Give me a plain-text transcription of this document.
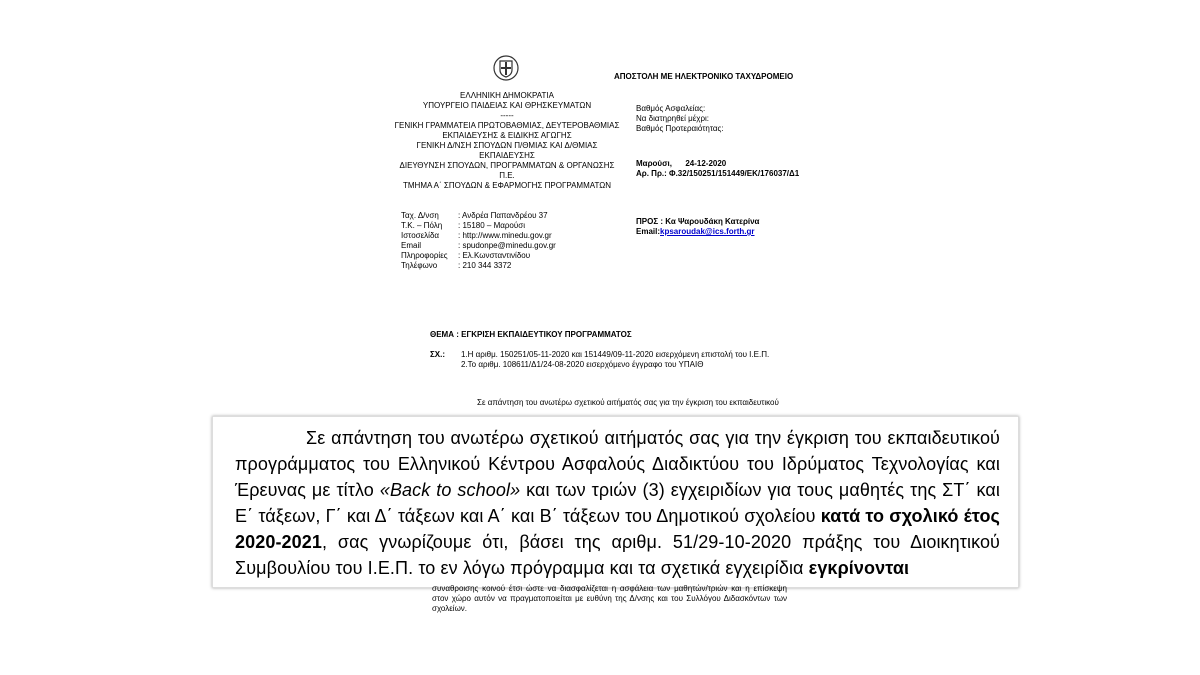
ΑΠΟΣΤΟΛΗ ΜΕ ΗΛΕΚΤΡΟΝΙΚΟ ΤΑΧΥΔΡΟΜΕΙΟ
ΕΛΛΗΝΙΚΗ ΔΗΜΟΚΡΑΤΙΑ
ΥΠΟΥΡΓΕΙΟ ΠΑΙΔΕΙΑΣ ΚΑΙ ΘΡΗΣΚΕΥΜΑΤΩΝ
-----
ΓΕΝΙΚΗ ΓΡΑΜΜΑΤΕΙΑ ΠΡΩΤΟΒΑΘΜΙΑΣ, ΔΕΥΤΕΡΟΒΑΘΜΙΑΣ
ΕΚΠΑΙΔΕΥΣΗΣ & ΕΙΔΙΚΗΣ ΑΓΩΓΗΣ
ΓΕΝΙΚΗ Δ/ΝΣΗ ΣΠΟΥΔΩΝ Π/ΘΜΙΑΣ ΚΑΙ Δ/ΘΜΙΑΣ
ΕΚΠΑΙΔΕΥΣΗΣ
ΔΙΕΥΘΥΝΣΗ ΣΠΟΥΔΩΝ, ΠΡΟΓΡΑΜΜΑΤΩΝ & ΟΡΓΑΝΩΣΗΣ
Π.Ε.
ΤΜΗΜΑ Α΄ ΣΠΟΥΔΩΝ & ΕΦΑΡΜΟΓΗΣ ΠΡΟΓΡΑΜΜΑΤΩΝ
Βαθμός Ασφαλείας:
Να διατηρηθεί μέχρι:
Βαθμός Προτεραιότητας:
Μαρούσι,      24-12-2020
Αρ. Πρ.: Φ.32/150251/151449/ΕΚ/176037/Δ1
ΠΡΟΣ : Κα Ψαρουδάκη Κατερίνα
Email:kpsaroudak@ics.forth.gr
Ταχ. Δ/νση	: Ανδρέα Παπανδρέου 37
Τ.Κ. – Πόλη	: 15180 – Μαρούσι
Ιστοσελίδα	: http://www.minedu.gov.gr
Email	: spudonpe@minedu.gov.gr
Πληροφορίες	: Ελ.Κωνσταντινίδου
Τηλέφωνο	: 210 344 3372
ΘΕΜΑ : ΕΓΚΡΙΣΗ ΕΚΠΑΙΔΕΥΤΙΚΟΥ ΠΡΟΓΡΑΜΜΑΤΟΣ
ΣΧ.: 1.Η αριθμ. 150251/05-11-2020 και 151449/09-11-2020 εισερχόμενη επιστολή του Ι.Ε.Π.
2.Το αριθμ. 108611/Δ1/24-08-2020 εισερχόμενο έγγραφο του ΥΠΑΙΘ
Σε απάντηση του ανωτέρω σχετικού αιτήματός σας για την έγκριση του εκπαιδευτικού
Σε απάντηση του ανωτέρω σχετικού αιτήματός σας για την έγκριση του εκπαιδευτικού προγράμματος του Ελληνικού Κέντρου Ασφαλούς Διαδικτύου του Ιδρύματος Τεχνολογίας και Έρευνας με τίτλο «Back to school» και των τριών (3) εγχειριδίων για τους μαθητές της ΣΤ΄ και Ε΄ τάξεων, Γ΄ και Δ΄ τάξεων και Α΄ και Β΄ τάξεων του Δημοτικού σχολείου κατά το σχολικό έτος 2020-2021, σας γνωρίζουμε ότι, βάσει της αριθμ. 51/29-10-2020 πράξης του Διοικητικού Συμβουλίου του Ι.Ε.Π. το εν λόγω πρόγραμμα και τα σχετικά εγχειρίδια εγκρίνονται
συναθροισης κοινού έτσι ώστε να διασφαλίζεται η ασφάλεια των μαθητών/τριών και η επίσκεψη στον χώρο αυτόν να πραγματοποιείται με ευθύνη της Δ/νσης και του Συλλόγου Διδασκόντων των σχολείων.
